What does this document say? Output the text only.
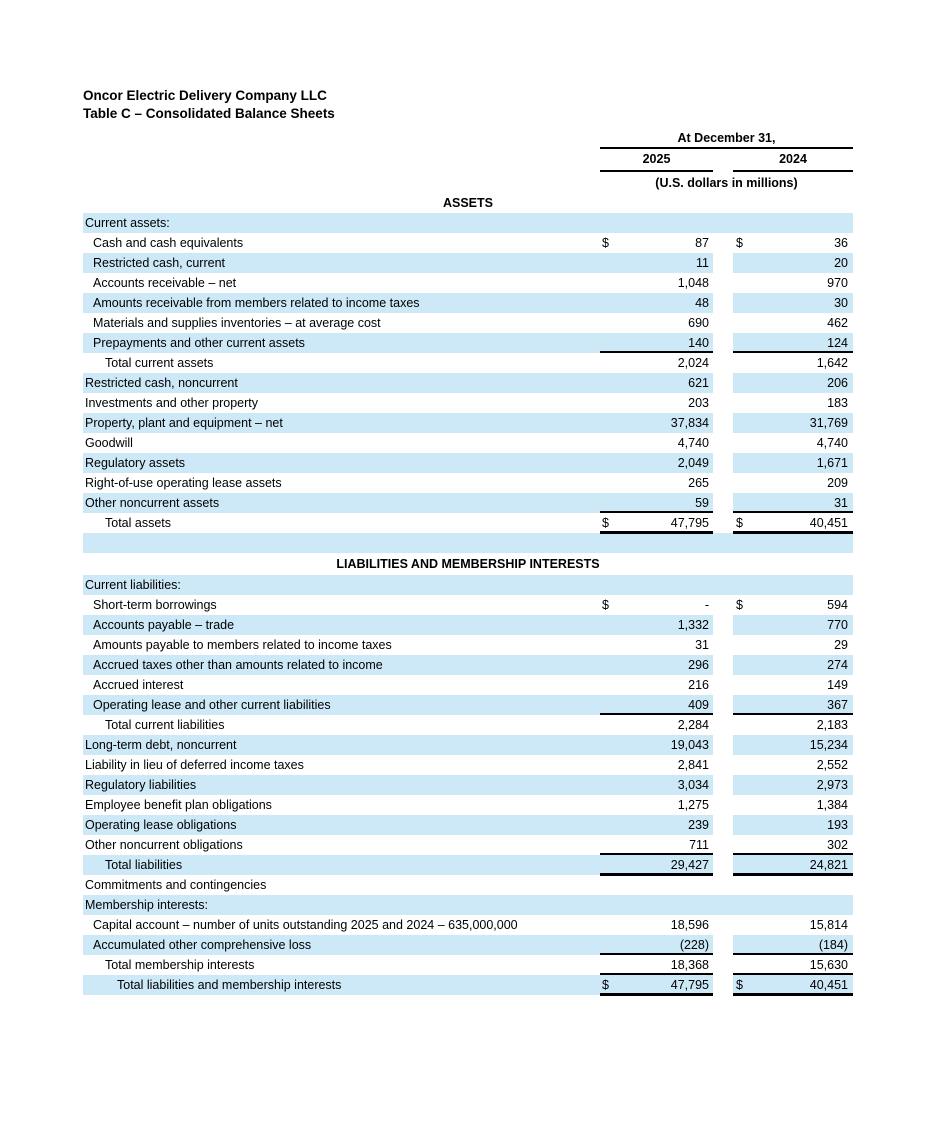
Oncor Electric Delivery Company LLC
Table C – Consolidated Balance Sheets
At December 31,
2025	2024
(U.S. dollars in millions)
ASSETS
Current assets:
Cash and cash equivalents	$	87 $	36
Restricted cash, current	11	20
Accounts receivable – net	1,048	970
Amounts receivable from members related to income taxes	48	30
Materials and supplies inventories – at average cost	690	462
Prepayments and other current assets	140	124
Total current assets	2,024	1,642
Restricted cash, noncurrent	621	206
Investments and other property	203	183
Property, plant and equipment – net	37,834	31,769
Goodwill	4,740	4,740
Regulatory assets	2,049	1,671
Right-of-use operating lease assets	265	209
Other noncurrent assets	59	31
Total assets	$	47,795 $	40,451
LIABILITIES AND MEMBERSHIP INTERESTS
Current liabilities:
Short-term borrowings	$	- $	594
Accounts payable – trade	1,332	770
Amounts payable to members related to income taxes	31	29
Accrued taxes other than amounts related to income	296	274
Accrued interest	216	149
Operating lease and other current liabilities	409	367
Total current liabilities	2,284	2,183
Long-term debt, noncurrent	19,043	15,234
Liability in lieu of deferred income taxes	2,841	2,552
Regulatory liabilities	3,034	2,973
Employee benefit plan obligations	1,275	1,384
Operating lease obligations	239	193
Other noncurrent obligations	711	302
Total liabilities	29,427	24,821
Commitments and contingencies
Membership interests:
Capital account – number of units outstanding 2025 and 2024 – 635,000,000	18,596	15,814
Accumulated other comprehensive loss	(228)	(184)
Total membership interests	18,368	15,630
Total liabilities and membership interests	$	47,795 $	40,451
